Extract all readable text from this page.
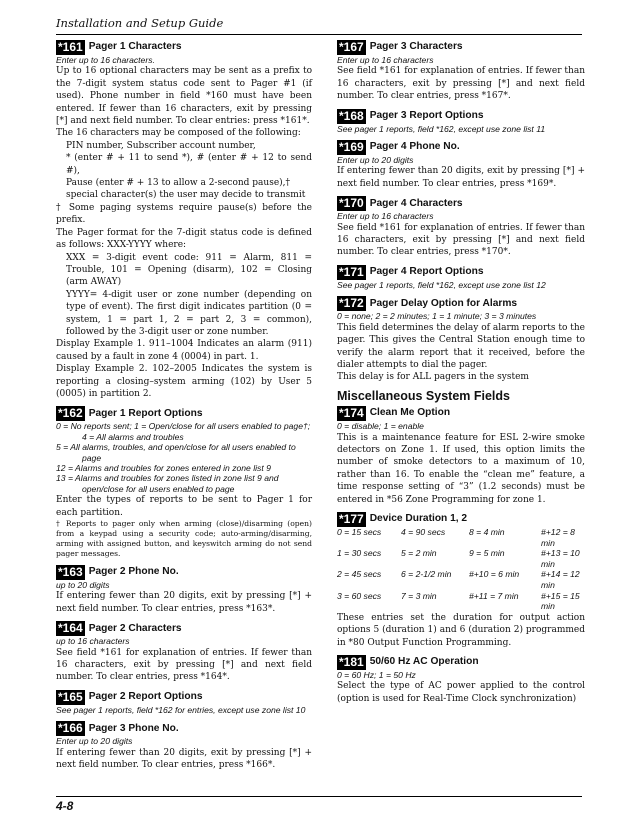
Installation and Setup Guide
*161 Pager 1 Characters
Enter up to 16 characters.

Up to 16 optional characters may be sent as a prefix to the 7-digit system status code sent to Pager #1 (if used). Phone number in field *160 must have been entered. If fewer than 16 characters, exit by pressing [*] and next field number. To clear entries: press *161*.

The 16 characters may be composed of the following:

PIN number, Subscriber account number,

* (enter # + 11 to send *), # (enter # + 12 to send #),

Pause (enter # + 13 to allow a 2-second pause),†

special character(s) the user may decide to transmit

† Some paging systems require pause(s) before the prefix.

The Pager format for the 7-digit status code is defined as follows: XXX-YYYY where:

XXX = 3-digit event code: 911 = Alarm, 811 = Trouble, 101 = Opening (disarm), 102 = Closing (arm AWAY)

YYYY= 4-digit user or zone number (depending on type of event). The first digit indicates partition (0 = system, 1 = part 1, 2 = part 2, 3 = common), followed by the 3-digit user or zone number.

Display Example 1. 911–1004 Indicates an alarm (911) caused by a fault in zone 4 (0004) in part. 1.

Display Example 2. 102–2005 Indicates the system is reporting a closing–system arming (102) by User 5 (0005) in partition 2.

*162 Pager 1 Report Options
0 = No reports sent; 1 = Open/close for all users enabled to page†; 4 = All alarms and troubles
5 = All alarms, troubles, and open/close for all users enabled to page
12 = Alarms and troubles for zones entered in zone list 9
13 = Alarms and troubles for zones listed in zone list 9 and open/close for all users enabled to page

Enter the types of reports to be sent to Pager 1 for each partition.

† Reports to pager only when arming (close)/disarming (open) from a keypad using a security code; auto-arming/disarming, arming with assigned button, and keyswitch arming do not send pager messages.

*163 Pager 2 Phone No.
up to 20 digits

If entering fewer than 20 digits, exit by pressing [*] + next field number. To clear entries, press *163*.

*164 Pager 2 Characters
up to 16 characters

See field *161 for explanation of entries. If fewer than 16 characters, exit by pressing [*] and next field number. To clear entries, press *164*.

*165 Pager 2 Report Options
See pager 1 reports, field *162 for entries, except use zone list 10
*166 Pager 3 Phone No.
Enter up to 20 digits

If entering fewer than 20 digits, exit by pressing [*] + next field number. To clear entries, press *166*.

*167 Pager 3 Characters
Enter up to 16 characters

See field *161 for explanation of entries. If fewer than 16 characters, exit by pressing [*] and next field number. To clear entries, press *167*.

*168 Pager 3 Report Options
See pager 1 reports, field *162, except use zone list 11
*169 Pager 4 Phone No.
Enter up to 20 digits

If entering fewer than 20 digits, exit by pressing [*] + next field number. To clear entries, press *169*.

*170 Pager 4 Characters
Enter up to 16 characters

See field *161 for explanation of entries. If fewer than 16 characters, exit by pressing [*] and next field number. To clear entries, press *170*.

*171 Pager 4 Report Options
See pager 1 reports, field *162, except use zone list 12
*172 Pager Delay Option for Alarms
0 = none; 2 = 2 minutes; 1 = 1 minute; 3 = 3 minutes

This field determines the delay of alarm reports to the pager. This gives the Central Station enough time to verify the alarm report that it received, before the dialer attempts to dial the pager.

This delay is for ALL pagers in the system

Miscellaneous System Fields
*174 Clean Me Option
0 = disable; 1 = enable

This is a maintenance feature for ESL 2-wire smoke detectors on Zone 1. If used, this option limits the number of smoke detectors to a maximum of 10, rather than 16. To enable the “clean me” feature, a time response setting of “3” (1.2 seconds) must be entered in *56 Zone Programming for zone 1.

*177 Device Duration 1, 2
0 = 15 secs	4 = 90 secs	8 = 4 min	#+12 = 8 min
1 = 30 secs	5 = 2 min	9 = 5 min	#+13 = 10 min
2 = 45 secs	6 = 2-1/2 min	#+10 = 6 min	#+14 = 12 min
3 = 60 secs	7 = 3 min	#+11 = 7 min	#+15 = 15 min

These entries set the duration for output action options 5 (duration 1) and 6 (duration 2) programmed in *80 Output Function Programming.

*181 50/60 Hz AC Operation
0 = 60 Hz; 1 = 50 Hz

Select the type of AC power applied to the control (option is used for Real-Time Clock synchronization)

4-8
